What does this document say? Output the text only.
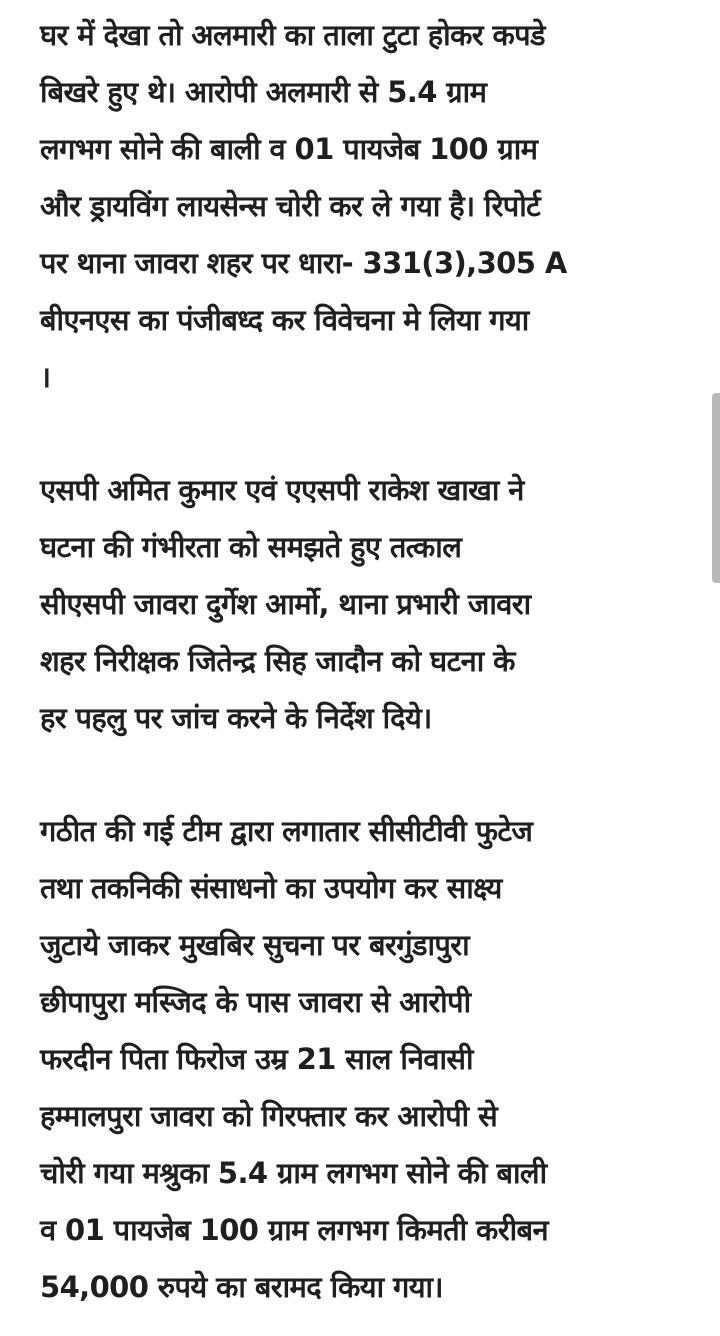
घर में देखा तो अलमारी का ताला टुटा होकर कपडे
बिखरे हुए थे। आरोपी अलमारी से 5.4 ग्राम
लगभग सोने की बाली व 01 पायजेब 100 ग्राम
और ड्रायविंग लायसेन्स चोरी कर ले गया है। रिपोर्ट
पर थाना जावरा शहर पर धारा- 331(3),305 A
बीएनएस का पंजीबध्द कर विवेचना मे लिया गया
।

एसपी अमित कुमार एवं एएसपी राकेश खाखा ने
घटना की गंभीरता को समझते हुए तत्काल
सीएसपी जावरा दुर्गेश आर्मो, थाना प्रभारी जावरा
शहर निरीक्षक जितेन्द्र सिह जादौन को घटना के
हर पहलु पर जांच करने के निर्देश दिये।

गठीत की गई टीम द्वारा लगातार सीसीटीवी फुटेज
तथा तकनिकी संसाधनो का उपयोग कर साक्ष्य
जुटाये जाकर मुखबिर सुचना पर बरगुंडापुरा
छीपापुरा मस्जिद के पास जावरा से आरोपी
फरदीन पिता फिरोज उम्र 21 साल निवासी
हम्मालपुरा जावरा को गिरफ्तार कर आरोपी से
चोरी गया मश्रुका 5.4 ग्राम लगभग सोने की बाली
व 01 पायजेब 100 ग्राम लगभग किमती करीबन
54,000 रुपये का बरामद किया गया।
